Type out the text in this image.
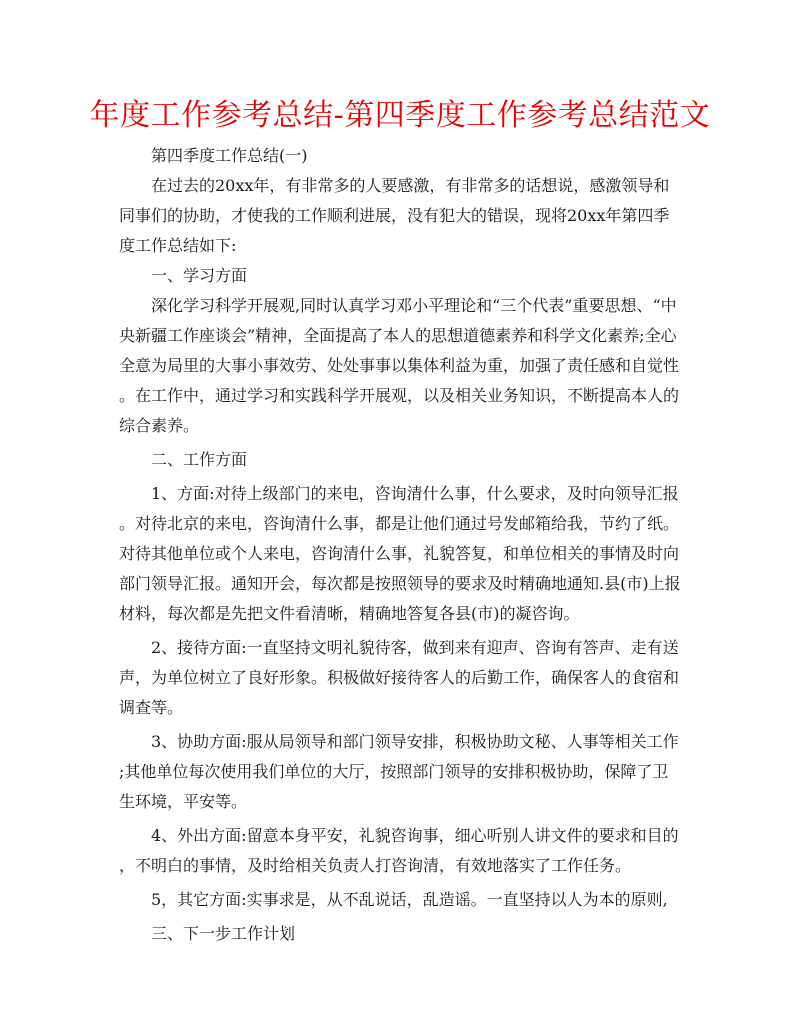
年度工作参考总结-第四季度工作参考总结范文

第四季度工作总结(一)

在过去的20xx年，有非常多的人要感激，有非常多的话想说，感激领导和同事们的协助，才使我的工作顺利进展，没有犯大的错误，现将20xx年第四季度工作总结如下:

一、学习方面

深化学习科学开展观,同时认真学习邓小平理论和“三个代表”重要思想、“中央新疆工作座谈会”精神，全面提高了本人的思想道德素养和科学文化素养;全心全意为局里的大事小事效劳、处处事事以集体利益为重，加强了责任感和自觉性。在工作中，通过学习和实践科学开展观，以及相关业务知识，不断提高本人的综合素养。

二、工作方面

1、方面:对待上级部门的来电，咨询清什么事，什么要求，及时向领导汇报。对待北京的来电，咨询清什么事，都是让他们通过号发邮箱给我，节约了纸。对待其他单位或个人来电，咨询清什么事，礼貌答复，和单位相关的事情及时向部门领导汇报。通知开会，每次都是按照领导的要求及时精确地通知.县(市)上报材料，每次都是先把文件看清晰，精确地答复各县(市)的凝咨询。

2、接待方面:一直坚持文明礼貌待客，做到来有迎声、咨询有答声、走有送声，为单位树立了良好形象。积极做好接待客人的后勤工作，确保客人的食宿和调查等。

3、协助方面:服从局领导和部门领导安排，积极协助文秘、人事等相关工作;其他单位每次使用我们单位的大厅，按照部门领导的安排积极协助，保障了卫生环境，平安等。

4、外出方面:留意本身平安，礼貌咨询事，细心听别人讲文件的要求和目的，不明白的事情，及时给相关负责人打咨询清，有效地落实了工作任务。

5，其它方面:实事求是，从不乱说话，乱造谣。一直坚持以人为本的原则,

三、下一步工作计划
